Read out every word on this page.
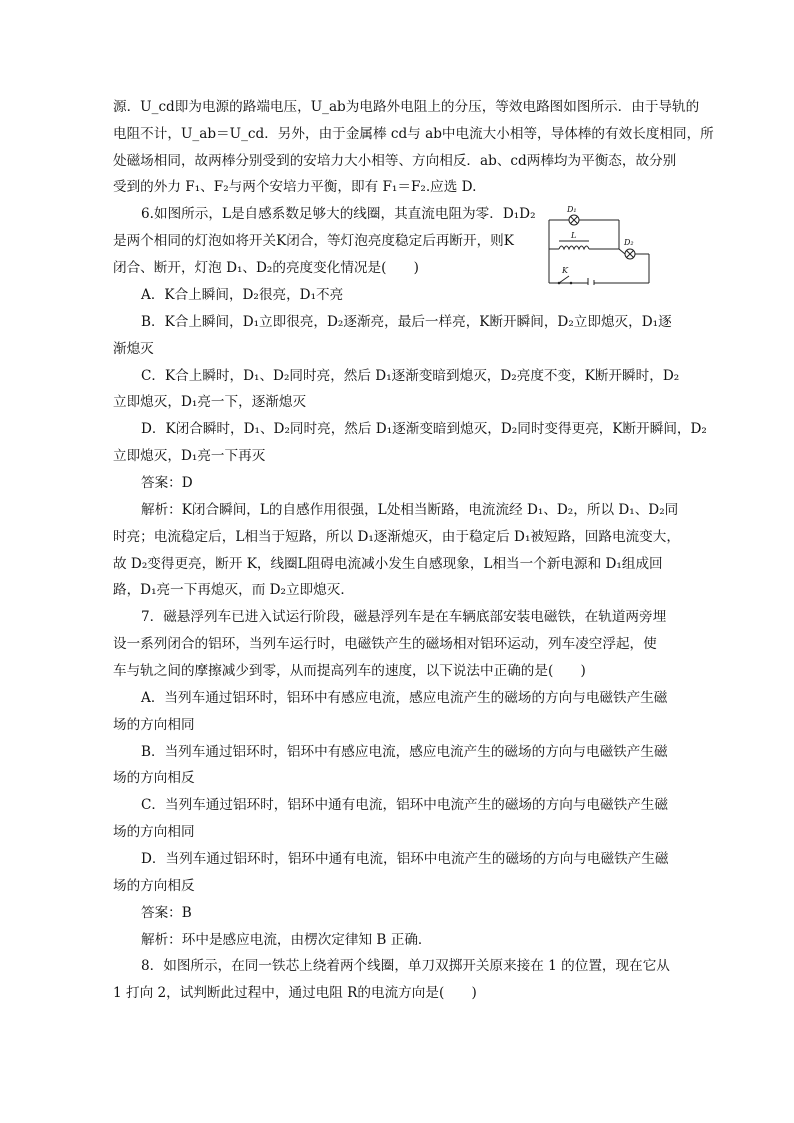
源．U_cd即为电源的路端电压，U_ab为电路外电阻上的分压，等效电路图如图所示．由于导轨的
电阻不计，U_ab＝U_cd．另外，由于金属棒 cd与 ab中电流大小相等，导体棒的有效长度相同，所
处磁场相同，故两棒分别受到的安培力大小相等、方向相反．ab、cd两棒均为平衡态，故分别
受到的外力 F₁、F₂与两个安培力平衡，即有 F₁＝F₂.应选 D.
6.如图所示，L是自感系数足够大的线圈，其直流电阻为零．D₁D₂
是两个相同的灯泡如将开关K闭合，等灯泡亮度稳定后再断开，则K
闭合、断开，灯泡 D₁、D₂的亮度变化情况是(　　)
A．K合上瞬间，D₂很亮，D₁不亮
B．K合上瞬间，D₁立即很亮，D₂逐渐亮，最后一样亮，K断开瞬间，D₂立即熄灭，D₁逐
渐熄灭
C．K合上瞬时，D₁、D₂同时亮，然后 D₁逐渐变暗到熄灭，D₂亮度不变，K断开瞬时，D₂
立即熄灭，D₁亮一下，逐渐熄灭
D．K闭合瞬时，D₁、D₂同时亮，然后 D₁逐渐变暗到熄灭，D₂同时变得更亮，K断开瞬间，D₂
立即熄灭，D₁亮一下再灭
答案：D
解析：K闭合瞬间，L的自感作用很强，L处相当断路，电流流经 D₁、D₂，所以 D₁、D₂同
时亮；电流稳定后，L相当于短路，所以 D₁逐渐熄灭，由于稳定后 D₁被短路，回路电流变大，
故 D₂变得更亮，断开 K，线圈L阻碍电流减小发生自感现象，L相当一个新电源和 D₁组成回
路，D₁亮一下再熄灭，而 D₂立即熄灭．
7．磁悬浮列车已进入试运行阶段，磁悬浮列车是在车辆底部安装电磁铁，在轨道两旁埋
设一系列闭合的铝环，当列车运行时，电磁铁产生的磁场相对铝环运动，列车凌空浮起，使
车与轨之间的摩擦减少到零，从而提高列车的速度，以下说法中正确的是(　　)
A．当列车通过铝环时，铝环中有感应电流，感应电流产生的磁场的方向与电磁铁产生磁
场的方向相同
B．当列车通过铝环时，铝环中有感应电流，感应电流产生的磁场的方向与电磁铁产生磁
场的方向相反
C．当列车通过铝环时，铝环中通有电流，铝环中电流产生的磁场的方向与电磁铁产生磁
场的方向相同
D．当列车通过铝环时，铝环中通有电流，铝环中电流产生的磁场的方向与电磁铁产生磁
场的方向相反
答案：B
解析：环中是感应电流，由楞次定律知 B 正确．
8．如图所示，在同一铁芯上绕着两个线圈，单刀双掷开关原来接在 1 的位置，现在它从
1 打向 2，试判断此过程中，通过电阻 R的电流方向是(　　)
D₁
D₂
L
K
